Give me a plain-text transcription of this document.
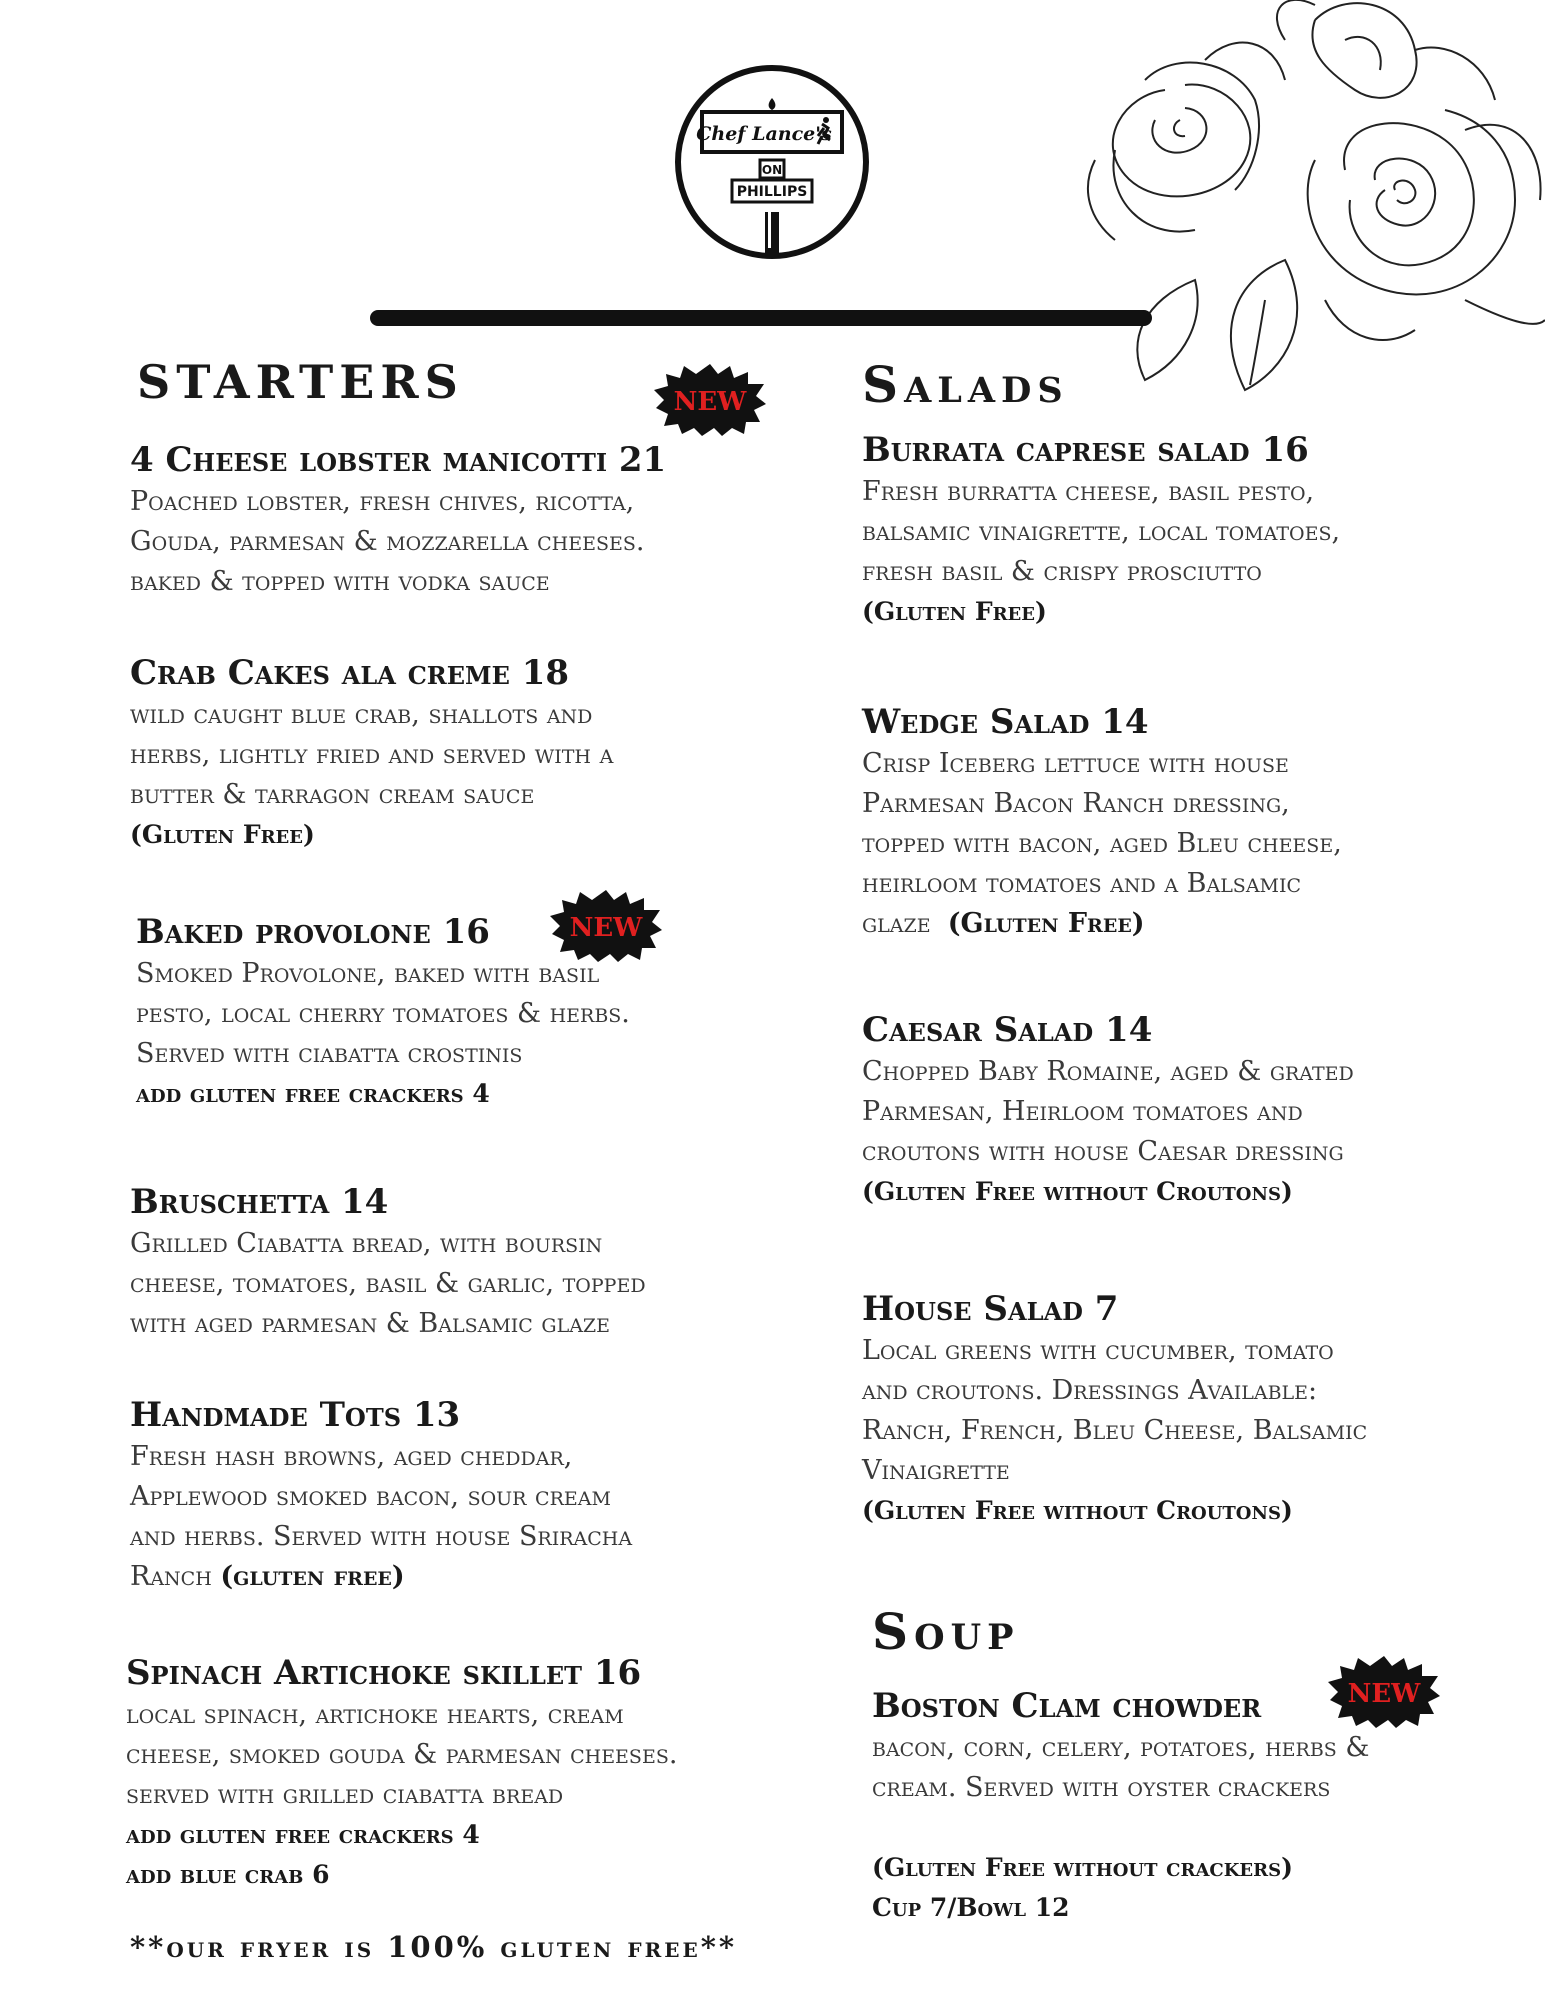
Chef Lance's
ON
PHILLIPS
STARTERS	NEW
4 Cheese lobster manicotti 21
Poached lobster, fresh chives, ricotta,
Gouda, parmesan & mozzarella cheeses.
baked & topped with vodka sauce
Crab Cakes ala creme 18
wild caught blue crab, shallots and
herbs, lightly fried and served with a
butter & tarragon cream sauce
(Gluten Free)
Baked provolone 16
Smoked Provolone, baked with basil
pesto, local cherry tomatoes & herbs.
Served with ciabatta crostinis
add gluten free crackers 4
NEW
Bruschetta 14
Grilled Ciabatta bread, with boursin
cheese, tomatoes, basil & garlic, topped
with aged parmesan & Balsamic glaze
Handmade Tots 13
Fresh hash browns, aged cheddar,
Applewood smoked bacon, sour cream
and herbs. Served with house Sriracha
Ranch (gluten free)
Spinach Artichoke skillet 16
local spinach, artichoke hearts, cream
cheese, smoked gouda & parmesan cheeses.
served with grilled ciabatta bread
add gluten free crackers 4
add blue crab 6
**our fryer is 100% gluten free**
Salads
Burrata caprese salad 16
Fresh burratta cheese, basil pesto,
balsamic vinaigrette, local tomatoes,
fresh basil & crispy prosciutto
(Gluten Free)
Wedge Salad 14
Crisp Iceberg lettuce with house
Parmesan Bacon Ranch dressing,
topped with bacon, aged Bleu cheese,
heirloom tomatoes and a Balsamic
glaze (Gluten Free)
Caesar Salad 14
Chopped Baby Romaine, aged & grated
Parmesan, Heirloom tomatoes and
croutons with house Caesar dressing
(Gluten Free without Croutons)
House Salad 7
Local greens with cucumber, tomato
and croutons. Dressings Available:
Ranch, French, Bleu Cheese, Balsamic
Vinaigrette
(Gluten Free without Croutons)
Soup
Boston Clam chowder
bacon, corn, celery, potatoes, herbs &
cream. Served with oyster crackers
(Gluten Free without crackers)
Cup 7/Bowl 12
NEW
